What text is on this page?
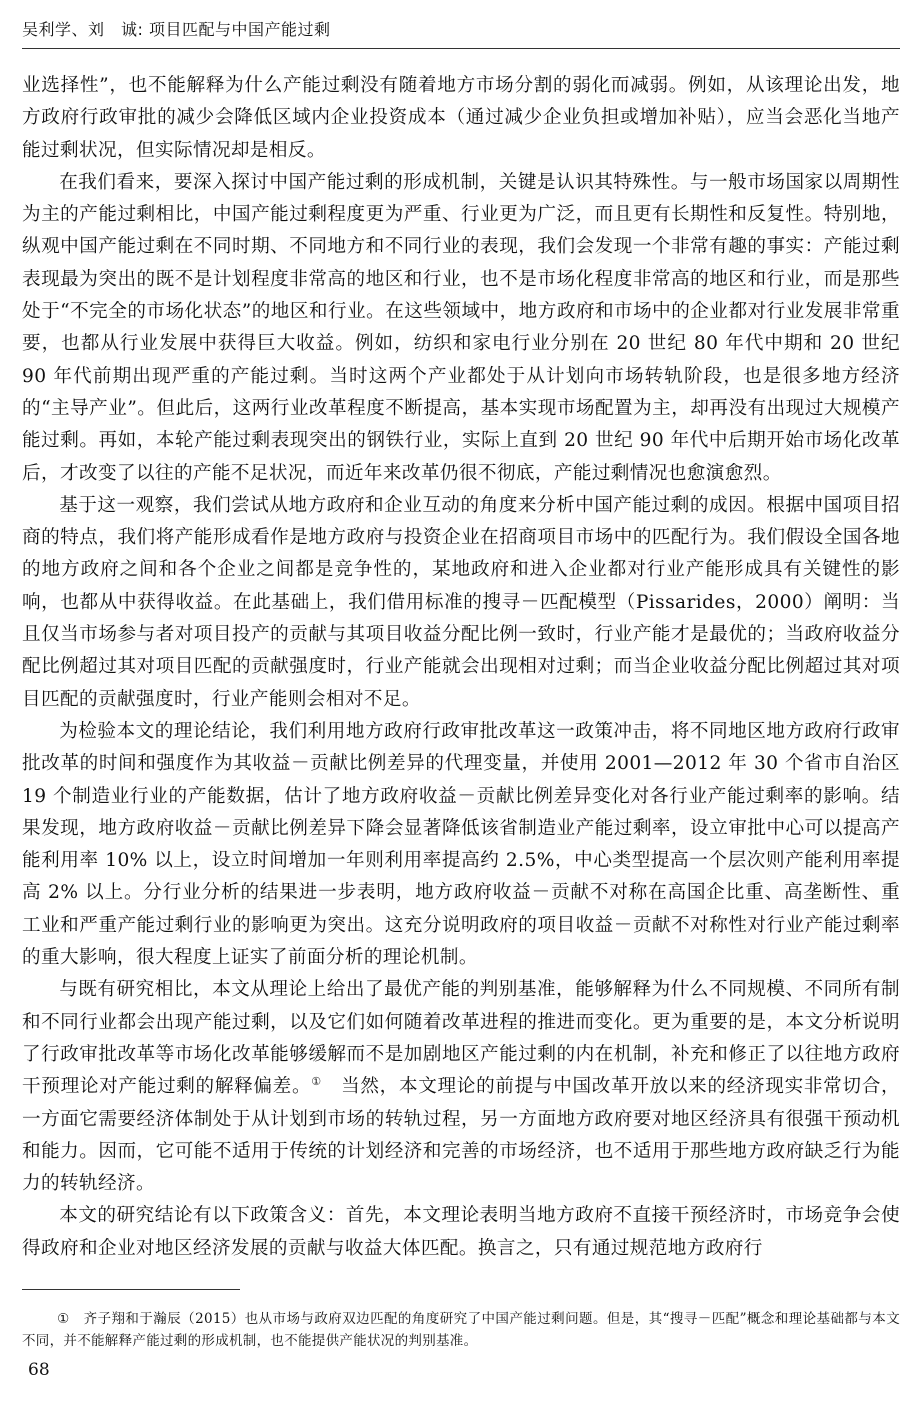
吴利学、刘　诚: 项目匹配与中国产能过剩

业选择性”，也不能解释为什么产能过剩没有随着地方市场分割的弱化而减弱。例如，从该理论出发，地方政府行政审批的减少会降低区域内企业投资成本（通过减少企业负担或增加补贴），应当会恶化当地产能过剩状况，但实际情况却是相反。

在我们看来，要深入探讨中国产能过剩的形成机制，关键是认识其特殊性。与一般市场国家以周期性为主的产能过剩相比，中国产能过剩程度更为严重、行业更为广泛，而且更有长期性和反复性。特别地，纵观中国产能过剩在不同时期、不同地方和不同行业的表现，我们会发现一个非常有趣的事实：产能过剩表现最为突出的既不是计划程度非常高的地区和行业，也不是市场化程度非常高的地区和行业，而是那些处于“不完全的市场化状态”的地区和行业。在这些领域中，地方政府和市场中的企业都对行业发展非常重要，也都从行业发展中获得巨大收益。例如，纺织和家电行业分别在 20 世纪 80 年代中期和 20 世纪 90 年代前期出现严重的产能过剩。当时这两个产业都处于从计划向市场转轨阶段，也是很多地方经济的“主导产业”。但此后，这两行业改革程度不断提高，基本实现市场配置为主，却再没有出现过大规模产能过剩。再如，本轮产能过剩表现突出的钢铁行业，实际上直到 20 世纪 90 年代中后期开始市场化改革后，才改变了以往的产能不足状况，而近年来改革仍很不彻底，产能过剩情况也愈演愈烈。

基于这一观察，我们尝试从地方政府和企业互动的角度来分析中国产能过剩的成因。根据中国项目招商的特点，我们将产能形成看作是地方政府与投资企业在招商项目市场中的匹配行为。我们假设全国各地的地方政府之间和各个企业之间都是竞争性的，某地政府和进入企业都对行业产能形成具有关键性的影响，也都从中获得收益。在此基础上，我们借用标准的搜寻－匹配模型（Pissarides，2000）阐明：当且仅当市场参与者对项目投产的贡献与其项目收益分配比例一致时，行业产能才是最优的；当政府收益分配比例超过其对项目匹配的贡献强度时，行业产能就会出现相对过剩；而当企业收益分配比例超过其对项目匹配的贡献强度时，行业产能则会相对不足。

为检验本文的理论结论，我们利用地方政府行政审批改革这一政策冲击，将不同地区地方政府行政审批改革的时间和强度作为其收益－贡献比例差异的代理变量，并使用 2001—2012 年 30 个省市自治区 19 个制造业行业的产能数据，估计了地方政府收益－贡献比例差异变化对各行业产能过剩率的影响。结果发现，地方政府收益－贡献比例差异下降会显著降低该省制造业产能过剩率，设立审批中心可以提高产能利用率 10% 以上，设立时间增加一年则利用率提高约 2.5%，中心类型提高一个层次则产能利用率提高 2% 以上。分行业分析的结果进一步表明，地方政府收益－贡献不对称在高国企比重、高垄断性、重工业和严重产能过剩行业的影响更为突出。这充分说明政府的项目收益－贡献不对称性对行业产能过剩率的重大影响，很大程度上证实了前面分析的理论机制。

与既有研究相比，本文从理论上给出了最优产能的判别基准，能够解释为什么不同规模、不同所有制和不同行业都会出现产能过剩，以及它们如何随着改革进程的推进而变化。更为重要的是，本文分析说明了行政审批改革等市场化改革能够缓解而不是加剧地区产能过剩的内在机制，补充和修正了以往地方政府干预理论对产能过剩的解释偏差。①　当然，本文理论的前提与中国改革开放以来的经济现实非常切合，一方面它需要经济体制处于从计划到市场的转轨过程，另一方面地方政府要对地区经济具有很强干预动机和能力。因而，它可能不适用于传统的计划经济和完善的市场经济，也不适用于那些地方政府缺乏行为能力的转轨经济。

本文的研究结论有以下政策含义：首先，本文理论表明当地方政府不直接干预经济时，市场竞争会使得政府和企业对地区经济发展的贡献与收益大体匹配。换言之，只有通过规范地方政府行

① 齐子翔和于瀚辰（2015）也从市场与政府双边匹配的角度研究了中国产能过剩问题。但是，其“搜寻－匹配”概念和理论基础都与本文不同，并不能解释产能过剩的形成机制，也不能提供产能状况的判别基准。
68
